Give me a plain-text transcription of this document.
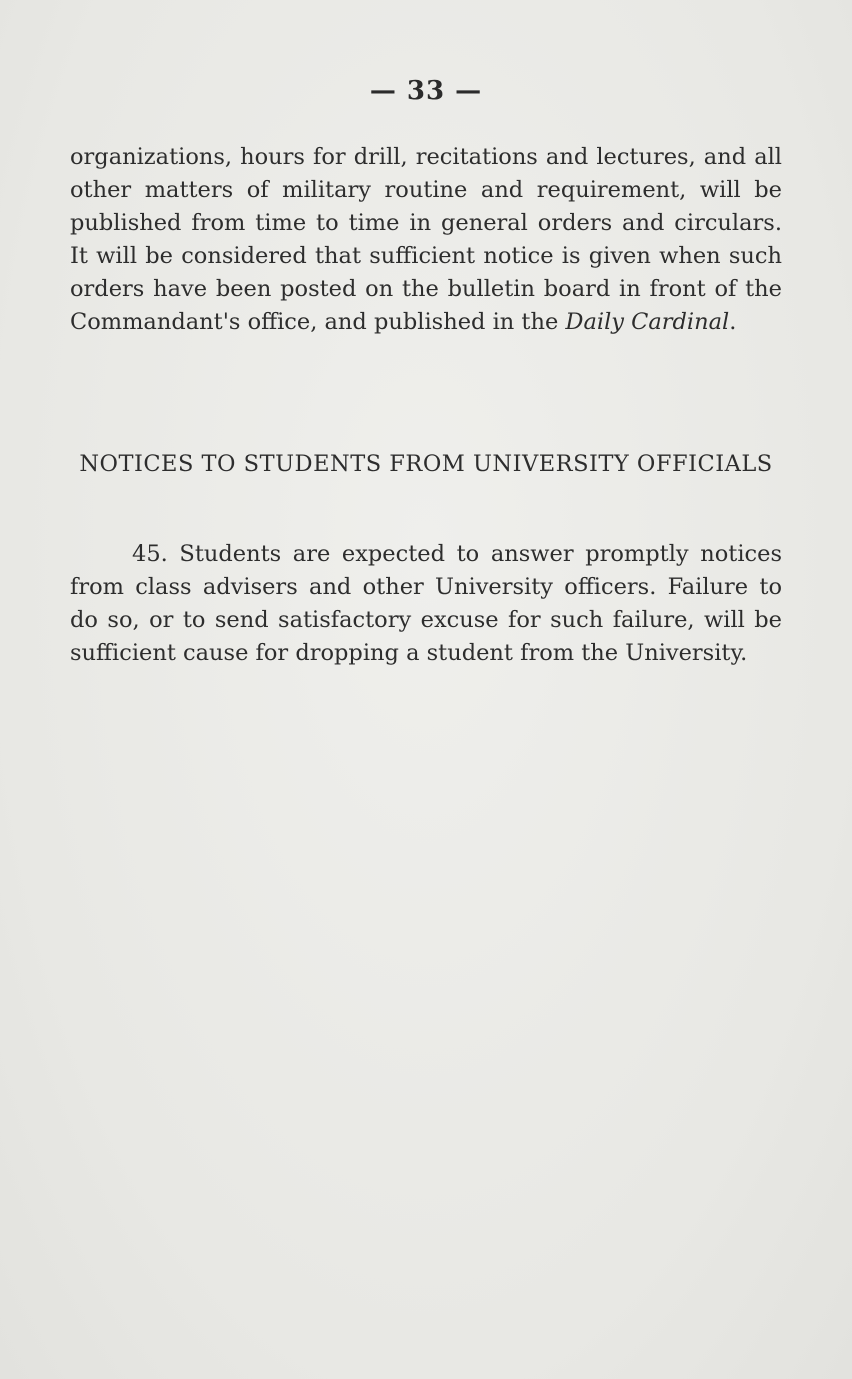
— 33 —

organizations, hours for drill, recitations and lectures, and all other matters of military routine and requirement, will be published from time to time in general orders and circulars. It will be considered that sufficient notice is given when such orders have been posted on the bulletin board in front of the Commandant's office, and published in the Daily Cardinal.

NOTICES TO STUDENTS FROM UNIVERSITY OFFICIALS

45. Students are expected to answer promptly notices from class advisers and other University officers. Failure to do so, or to send satisfactory excuse for such failure, will be sufficient cause for dropping a student from the University.
